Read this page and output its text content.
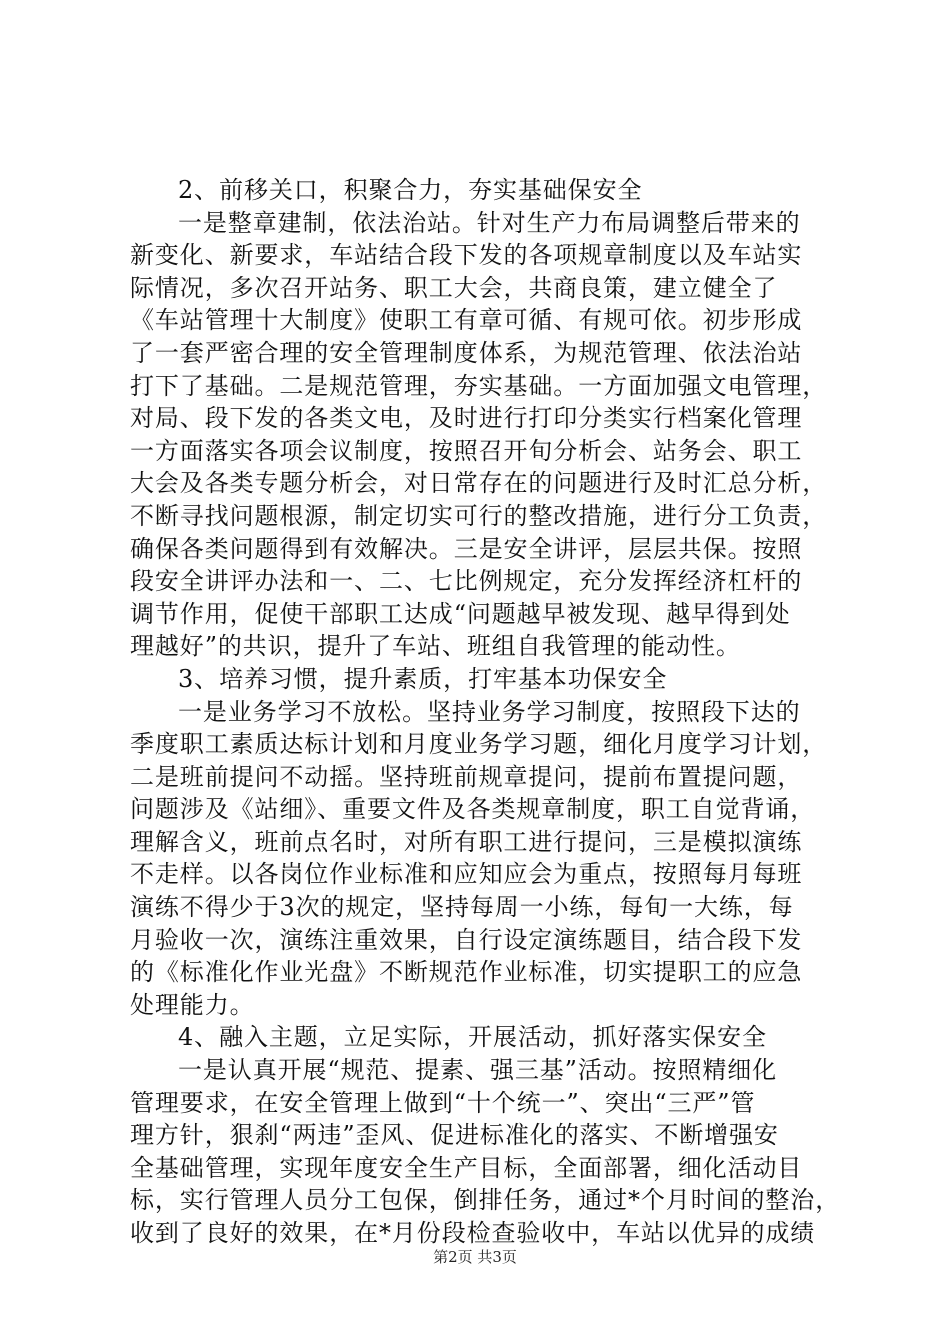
2、前移关口，积聚合力，夯实基础保安全
一是整章建制，依法治站。针对生产力布局调整后带来的
新变化、新要求，车站结合段下发的各项规章制度以及车站实
际情况，多次召开站务、职工大会，共商良策，建立健全了
《车站管理十大制度》使职工有章可循、有规可依。初步形成
了一套严密合理的安全管理制度体系，为规范管理、依法治站
打下了基础。二是规范管理，夯实基础。一方面加强文电管理，
对局、段下发的各类文电，及时进行打印分类实行档案化管理
一方面落实各项会议制度，按照召开旬分析会、站务会、职工
大会及各类专题分析会，对日常存在的问题进行及时汇总分析，
不断寻找问题根源，制定切实可行的整改措施，进行分工负责，
确保各类问题得到有效解决。三是安全讲评，层层共保。按照
段安全讲评办法和一、二、七比例规定，充分发挥经济杠杆的
调节作用，促使干部职工达成“问题越早被发现、越早得到处
理越好”的共识，提升了车站、班组自我管理的能动性。
3、培养习惯，提升素质，打牢基本功保安全
一是业务学习不放松。坚持业务学习制度，按照段下达的
季度职工素质达标计划和月度业务学习题，细化月度学习计划，
二是班前提问不动摇。坚持班前规章提问，提前布置提问题，
问题涉及《站细》、重要文件及各类规章制度，职工自觉背诵，
理解含义，班前点名时，对所有职工进行提问，三是模拟演练
不走样。以各岗位作业标准和应知应会为重点，按照每月每班
演练不得少于3次的规定，坚持每周一小练，每旬一大练，每
月验收一次，演练注重效果，自行设定演练题目，结合段下发
的《标准化作业光盘》不断规范作业标准，切实提职工的应急
处理能力。
4、融入主题，立足实际，开展活动，抓好落实保安全
一是认真开展“规范、提素、强三基”活动。按照精细化
管理要求，在安全管理上做到“十个统一”、突出“三严”管
理方针，狠刹“两违”歪风、促进标准化的落实、不断增强安
全基础管理，实现年度安全生产目标，全面部署，细化活动目
标，实行管理人员分工包保，倒排任务，通过*个月时间的整治，
收到了良好的效果，在*月份段检查验收中，车站以优异的成绩
第2页 共3页
